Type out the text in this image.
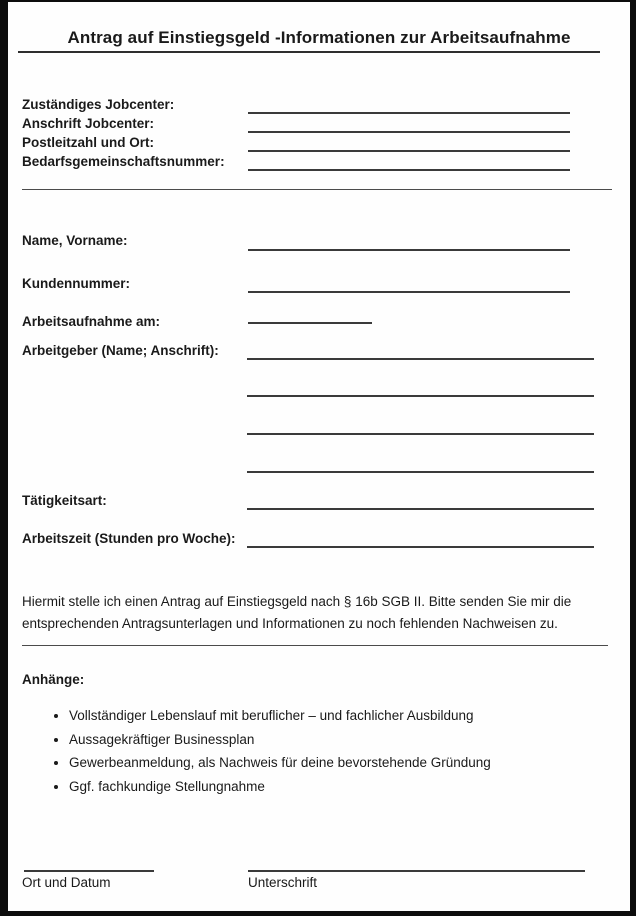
Antrag auf Einstiegsgeld -Informationen zur Arbeitsaufnahme
Zuständiges Jobcenter:
Anschrift Jobcenter:
Postleitzahl und Ort:
Bedarfsgemeinschaftsnummer:
Name, Vorname:
Kundennummer:
Arbeitsaufnahme am:
Arbeitgeber (Name; Anschrift):
Tätigkeitsart:
Arbeitszeit (Stunden pro Woche):
Hiermit stelle ich einen Antrag auf Einstiegsgeld nach § 16b SGB II. Bitte senden Sie mir die entsprechenden Antragsunterlagen und Informationen zu noch fehlenden Nachweisen zu.
Anhänge:
• Vollständiger Lebenslauf mit beruflicher – und fachlicher Ausbildung
• Aussagekräftiger Businessplan
• Gewerbeanmeldung, als Nachweis für deine bevorstehende Gründung
• Ggf. fachkundige Stellungnahme
Ort und Datum	Unterschrift
